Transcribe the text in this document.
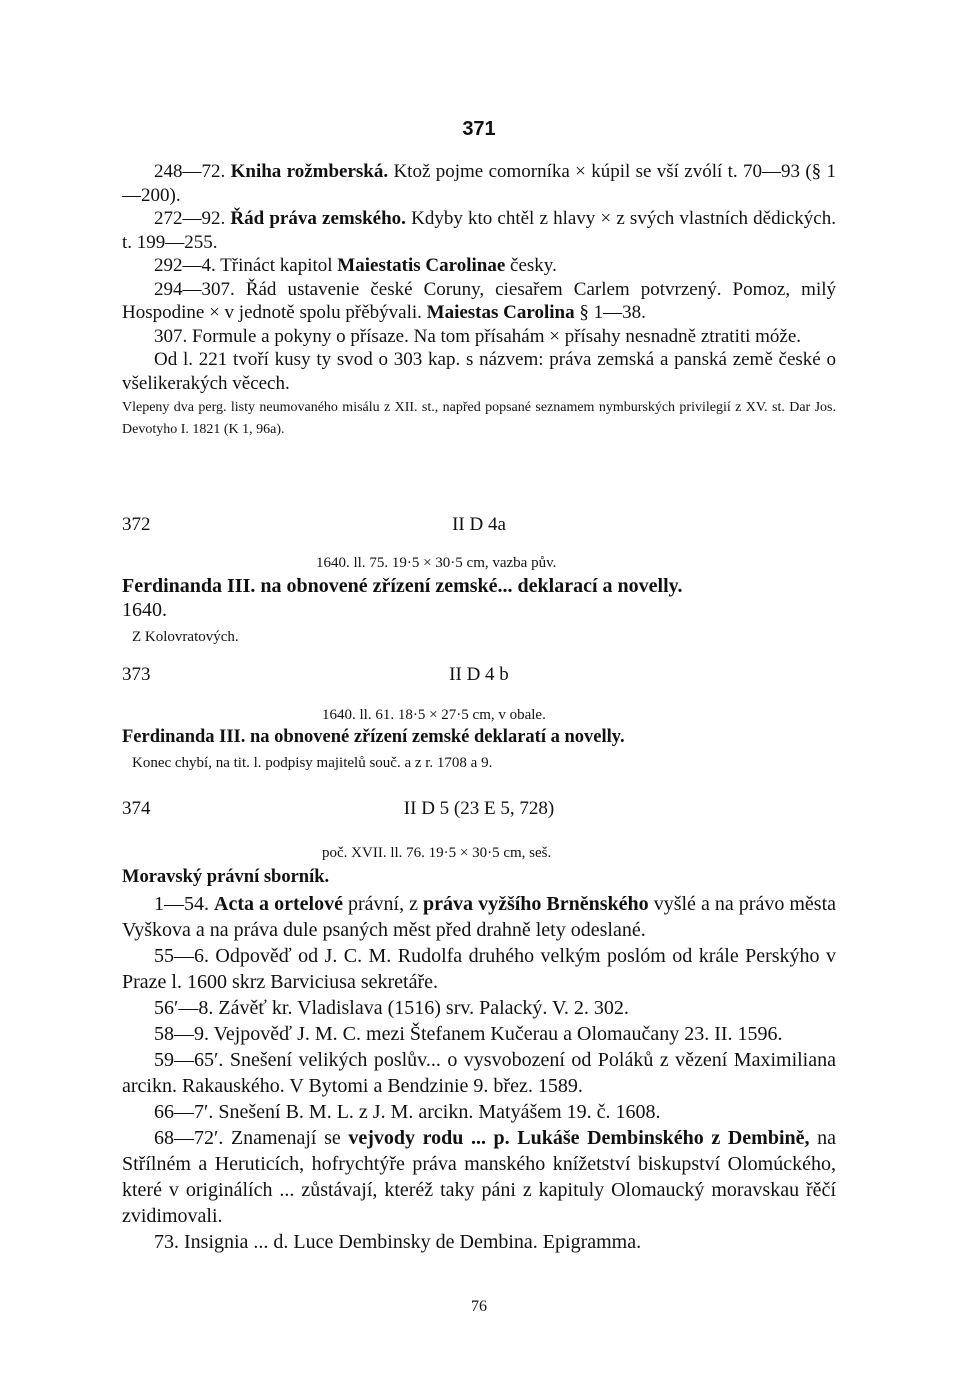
371

248—72. Kniha rožmberská. Ktož pojme comorníka × kúpil se vší zvólí t. 70—93 (§ 1—200).

272—92. Řád práva zemského. Kdyby kto chtěl z hlavy × z svých vlastních dědických. t. 199—255.

292—4. Třináct kapitol Maiestatis Carolinae česky.

294—307. Řád ustavenie české Coruny, ciesařem Carlem potvrzený. Pomoz, milý Hospodine × v jednotě spolu přěbývali. Maiestas Carolina § 1—38.

307. Formule a pokyny o přísaze. Na tom přísahám × přísahy nesnadně ztratiti móže.

Od l. 221 tvoří kusy ty svod o 303 kap. s názvem: práva zemská a panská země české o všelikerakých věcech.

Vlepeny dva perg. listy neumovaného misálu z XII. st., napřed popsané seznamem nymburských privilegií z XV. st. Dar Jos. Devotyho I. 1821 (K 1, 96a).

372	II D 4a

1640. ll. 75. 19·5 × 30·5 cm, vazba pův.

Ferdinanda III. na obnovené zřízení zemské... deklarací a novelly.

1640.

Z Kolovratových.

373	II D 4 b

1640. ll. 61. 18·5 × 27·5 cm, v obale.

Ferdinanda III. na obnovené zřízení zemské deklaratí a novelly.

Konec chybí, na tit. l. podpisy majitelů souč. a z r. 1708 a 9.

374	II D 5 (23 E 5, 728)

poč. XVII. ll. 76. 19·5 × 30·5 cm, seš.

Moravský právní sborník.

1—54. Acta a ortelové právní, z práva vyžšího Brněnského vyšlé a na právo města Vyškova a na práva dule psaných měst před drahně lety odeslané.

55—6. Odpověď od J. C. M. Rudolfa druhého velkým poslóm od krále Perskýho v Praze l. 1600 skrz Barviciusa sekretáře.

56′—8. Závěť kr. Vladislava (1516) srv. Palacký. V. 2. 302.

58—9. Vejpověď J. M. C. mezi Štefanem Kučerau a Olomaučany 23. II. 1596.

59—65′. Snešení velikých poslův... o vysvobození od Poláků z vězení Maximiliana arcikn. Rakauského. V Bytomi a Bendzinie 9. břez. 1589.

66—7′. Snešení B. M. L. z J. M. arcikn. Matyášem 19. č. 1608.

68—72′. Znamenají se vejvody rodu ... p. Lukáše Dembinského z Dembině, na Střílném a Heruticích, hofrychtýře práva manského knížetství biskupství Olomúckého, které v originálích ... zůstávají, kteréž taky páni z kapituly Olomaucký moravskau řěčí zvidimovali.

73. Insignia ... d. Luce Dembinsky de Dembina. Epigramma.

76
